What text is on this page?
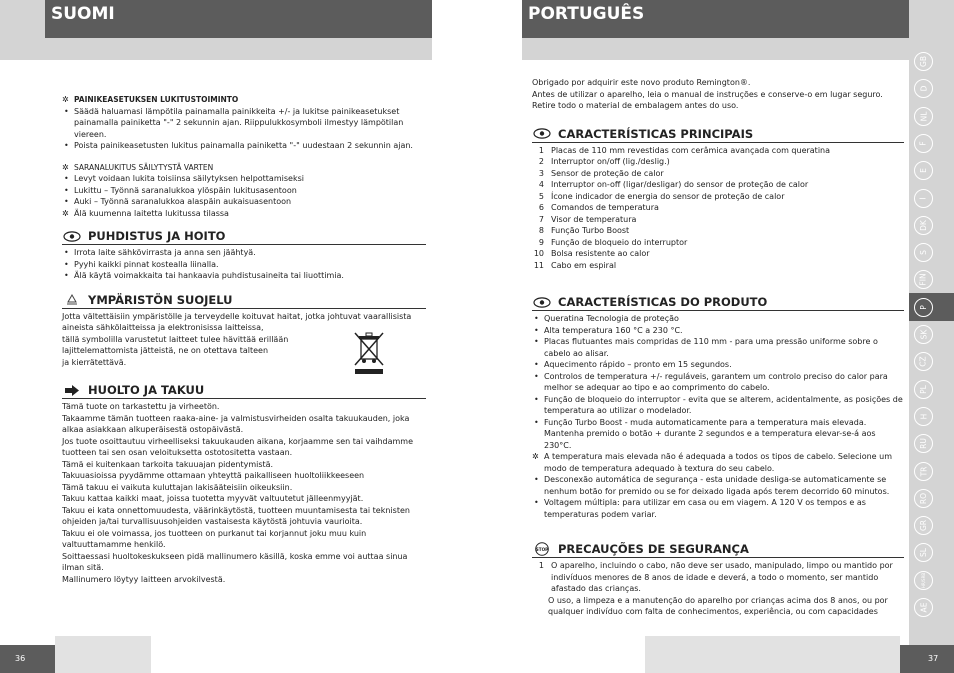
SUOMI	PORTUGUÊS
GB
D
NL
F
E
I
DK
S
FIN
P
SK
CZ
PL
H
RU
TR
RO
GR
SL
HR/SRB
AE
36	37

✲ PAINIKEASETUKSEN LUKITUSTOIMINTO

• Säädä haluamasi lämpötila painamalla painikkeita +/- ja lukitse painikeasetukset painamalla painiketta "-" 2 sekunnin ajan. Riippulukkosymboli ilmestyy lämpötilan viereen.

• Poista painikeasetusten lukitus painamalla painiketta "-" uudestaan 2 sekunnin ajan.

✲ SARANALUKITUS SÄILYTYSTÄ VARTEN

• Levyt voidaan lukita toisiinsa säilytyksen helpottamiseksi

• Lukittu – Työnnä saranalukkoa ylöspäin lukitusasentoon

• Auki – Työnnä saranalukkoa alaspäin aukaisuasentoon

✲ Älä kuumenna laitetta lukitussa tilassa

PUHDISTUS JA HOITO

• Irrota laite sähkövirrasta ja anna sen jäähtyä.

• Pyyhi kaikki pinnat kostealla liinalla.

• Älä käytä voimakkaita tai hankaavia puhdistusaineita tai liuottimia.

YMPÄRISTÖN SUOJELU

Jotta vältettäisiin ympäristölle ja terveydelle koituvat haitat, jotka johtuvat vaarallisista

aineista sähkölaitteissa ja elektronisissa laitteissa,

tällä symbolilla varustetut laitteet tulee hävittää erillään

lajittelemattomista jätteistä, ne on otettava talteen

ja kierrätettävä.

HUOLTO JA TAKUU

Tämä tuote on tarkastettu ja virheetön.

Takaamme tämän tuotteen raaka-aine- ja valmistusvirheiden osalta takuukauden, joka

alkaa asiakkaan alkuperäisestä ostopäivästä.

Jos tuote osoittautuu virheelliseksi takuukauden aikana, korjaamme sen tai vaihdamme

tuotteen tai sen osan veloituksetta ostotositetta vastaan.

Tämä ei kuitenkaan tarkoita takuuajan pidentymistä.

Takuuasioissa pyydämme ottamaan yhteyttä paikalliseen huoltoliikkeeseen

Tämä takuu ei vaikuta kuluttajan lakisääteisiin oikeuksiin.

Takuu kattaa kaikki maat, joissa tuotetta myyvät valtuutetut jälleenmyyjät.

Takuu ei kata onnettomuudesta, väärinkäytöstä, tuotteen muuntamisesta tai teknisten

ohjeiden ja/tai turvallisuusohjeiden vastaisesta käytöstä johtuvia vaurioita.

Takuu ei ole voimassa, jos tuotteen on purkanut tai korjannut joku muu kuin

valtuuttamamme henkilö.

Soittaessasi huoltokeskukseen pidä mallinumero käsillä, koska emme voi auttaa sinua

ilman sitä.

Mallinumero löytyy laitteen arvokilvestä.

Obrigado por adquirir este novo produto Remington®.

Antes de utilizar o aparelho, leia o manual de instruções e conserve-o em lugar seguro.

Retire todo o material de embalagem antes do uso.

CARACTERÍSTICAS PRINCIPAIS
1 Placas de 110 mm revestidas com cerâmica avançada com queratina
2 Interruptor on/off (lig./deslig.)
3 Sensor de proteção de calor
4 Interruptor on-off (ligar/desligar) do sensor de proteção de calor
5 Ícone indicador de energia do sensor de proteção de calor
6 Comandos de temperatura
7 Visor de temperatura
8 Função Turbo Boost
9 Função de bloqueio do interruptor
10 Bolsa resistente ao calor
11 Cabo em espiral
CARACTERÍSTICAS DO PRODUTO

• Queratina Tecnologia de proteção

• Alta temperatura 160 °C a 230 °C.

• Placas flutuantes mais compridas de 110 mm - para uma pressão uniforme sobre o cabelo ao alisar.

• Aquecimento rápido – pronto em 15 segundos.

• Controlos de temperatura +/- reguláveis, garantem um controlo preciso do calor para melhor se adequar ao tipo e ao comprimento do cabelo.

• Função de bloqueio do interruptor - evita que se alterem, acidentalmente, as posições de temperatura ao utilizar o modelador.

• Função Turbo Boost - muda automaticamente para a temperatura mais elevada. Mantenha premido o botão + durante 2 segundos e a temperatura elevar-se-á aos 230°C.

✲ A temperatura mais elevada não é adequada a todos os tipos de cabelo. Selecione um modo de temperatura adequado à textura do seu cabelo.

• Desconexão automática de segurança - esta unidade desliga-se automaticamente se nenhum botão for premido ou se for deixado ligada após terem decorrido 60 minutos.

• Voltagem múltipla: para utilizar em casa ou em viagem. A 120 V os tempos e as temperaturas podem variar.

STOP PRECAUÇÕES DE SEGURANÇA
1 O aparelho, incluindo o cabo, não deve ser usado, manipulado, limpo ou mantido por indivíduos menores de 8 anos de idade e deverá, a todo o momento, ser mantido afastado das crianças.

O uso, a limpeza e a manutenção do aparelho por crianças acima dos 8 anos, ou por qualquer indivíduo com falta de conhecimentos, experiência, ou com capacidades
